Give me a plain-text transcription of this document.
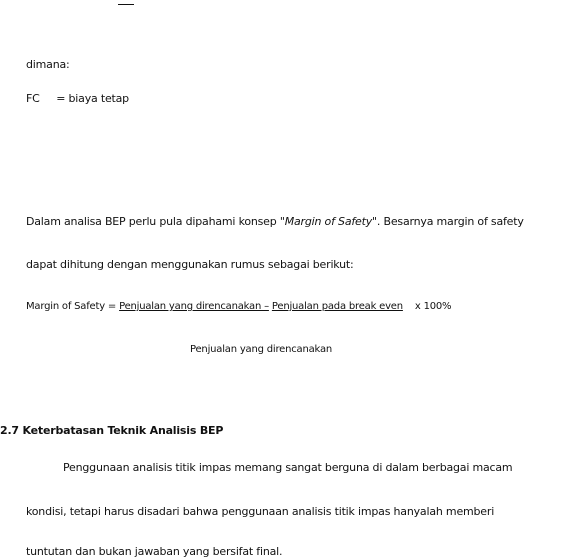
dimana:
FC = biaya tetap
Dalam analisa BEP perlu pula dipahami konsep "Margin of Safety". Besarnya margin of safety
dapat dihitung dengan menggunakan rumus sebagai berikut:
Margin of Safety = Penjualan yang direncanakan – Penjualan pada break even x 100%
Penjualan yang direncanakan
2.7 Keterbatasan Teknik Analisis BEP
Penggunaan analisis titik impas memang sangat berguna di dalam berbagai macam
kondisi, tetapi harus disadari bahwa penggunaan analisis titik impas hanyalah memberi
tuntutan dan bukan jawaban yang bersifat final.
